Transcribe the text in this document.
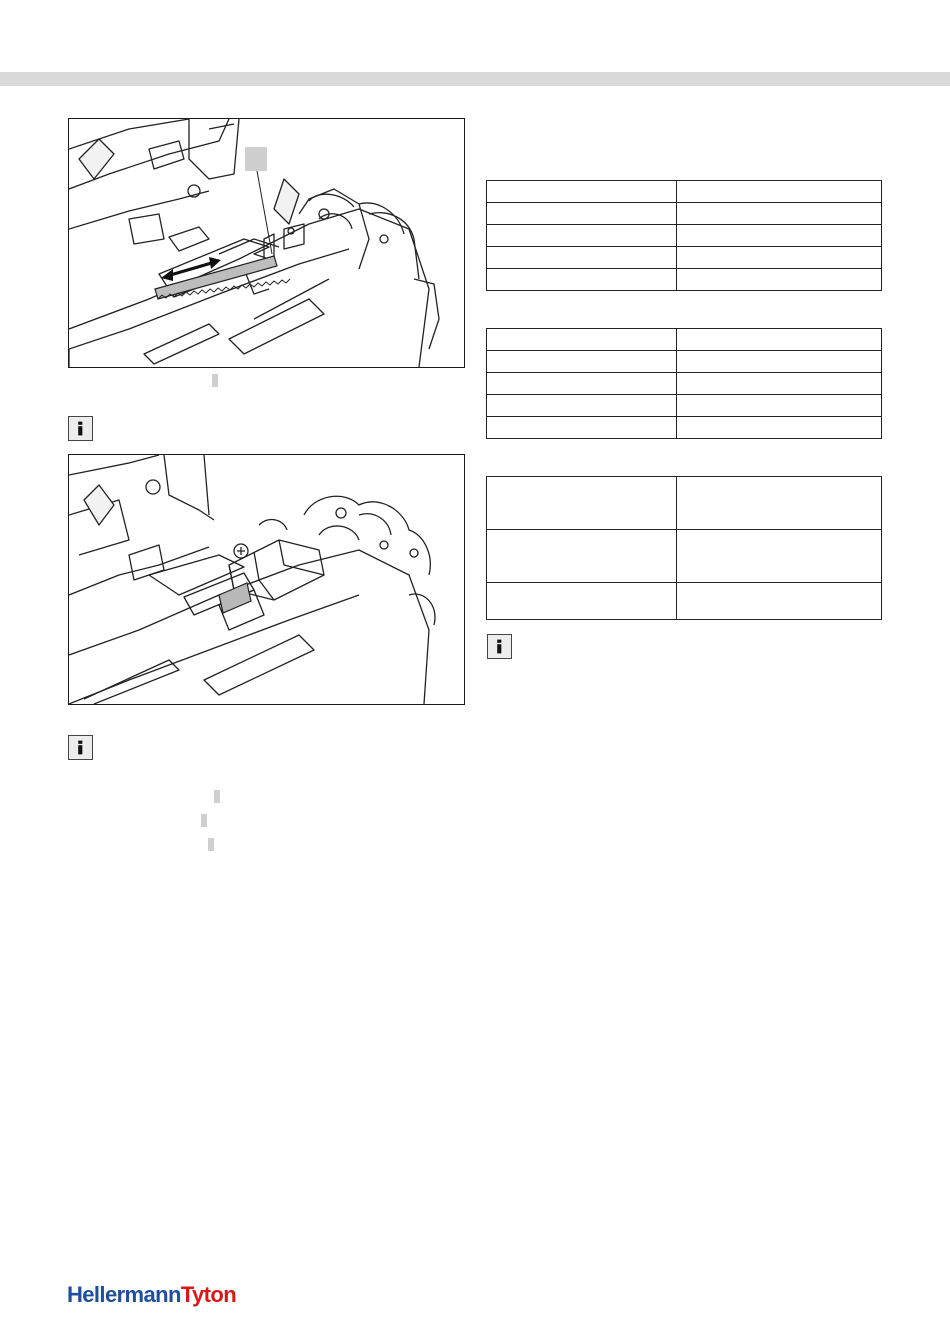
HellermannTyton
